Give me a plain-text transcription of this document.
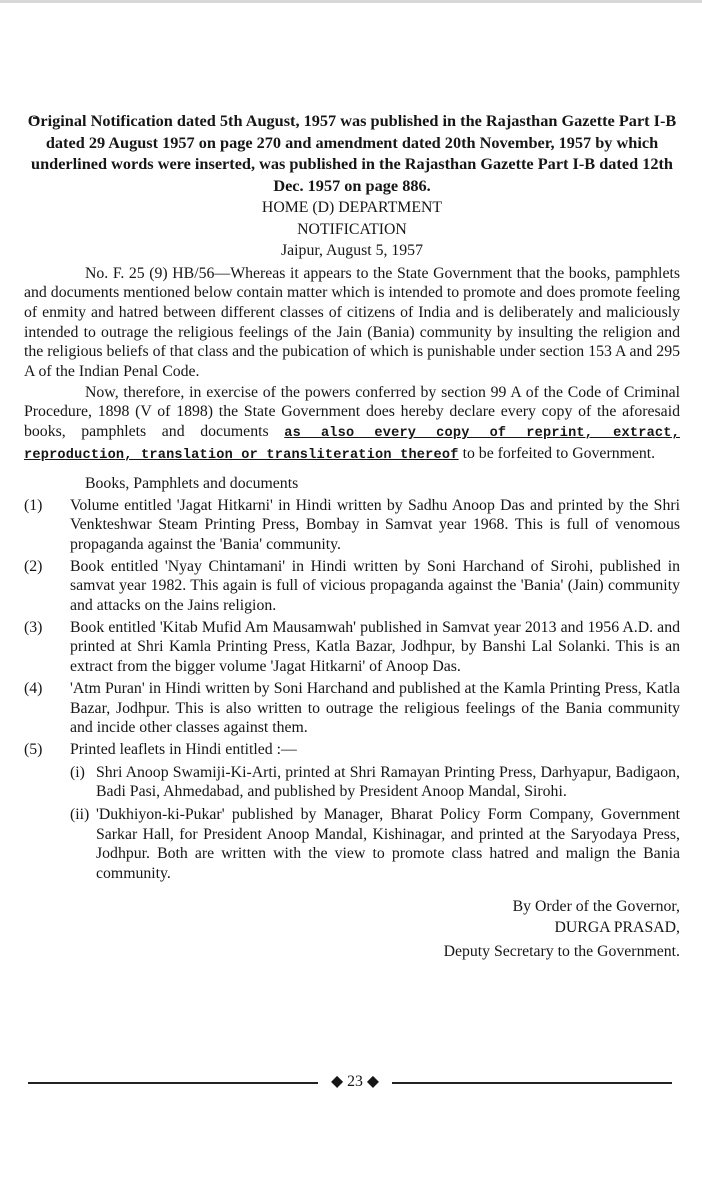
Original Notification dated 5th August, 1957 was published in the Rajasthan Gazette Part I-B dated 29 August 1957 on page 270 and amendment dated 20th November, 1957 by which underlined words were inserted, was published in the Rajasthan Gazette Part I-B dated 12th Dec. 1957 on page 886.

HOME (D) DEPARTMENT
NOTIFICATION
Jaipur, August 5, 1957

No. F. 25 (9) HB/56—Whereas it appears to the State Government that the books, pamphlets and documents mentioned below contain matter which is intended to promote and does promote feeling of enmity and hatred between different classes of citizens of India and is deliberately and maliciously intended to outrage the religious feelings of the Jain (Bania) community by insulting the religion and the religious beliefs of that class and the pubication of which is punishable under section 153 A and 295 A of the Indian Penal Code.

Now, therefore, in exercise of the powers conferred by section 99 A of the Code of Criminal Procedure, 1898 (V of 1898) the State Government does hereby declare every copy of the aforesaid books, pamphlets and documents as also every copy of reprint, extract, reproduction, translation or transliteration thereof to be forfeited to Government.

Books, Pamphlets and documents
(1) Volume entitled 'Jagat Hitkarni' in Hindi written by Sadhu Anoop Das and printed by the Shri Venkteshwar Steam Printing Press, Bombay in Samvat year 1968. This is full of venomous propaganda against the 'Bania' community.
(2) Book entitled 'Nyay Chintamani' in Hindi written by Soni Harchand of Sirohi, published in samvat year 1982. This again is full of vicious propaganda against the 'Bania' (Jain) community and attacks on the Jains religion.
(3) Book entitled 'Kitab Mufid Am Mausamwah' published in Samvat year 2013 and 1956 A.D. and printed at Shri Kamla Printing Press, Katla Bazar, Jodhpur, by Banshi Lal Solanki. This is an extract from the bigger volume 'Jagat Hitkarni' of Anoop Das.
(4) 'Atm Puran' in Hindi written by Soni Harchand and published at the Kamla Printing Press, Katla Bazar, Jodhpur. This is also written to outrage the religious feelings of the Bania community and incide other classes against them.
(5) Printed leaflets in Hindi entitled :—
(i) Shri Anoop Swamiji-Ki-Arti, printed at Shri Ramayan Printing Press, Darhyapur, Badigaon, Badi Pasi, Ahmedabad, and published by President Anoop Mandal, Sirohi.
(ii) 'Dukhiyon-ki-Pukar' published by Manager, Bharat Policy Form Company, Government Sarkar Hall, for President Anoop Mandal, Kishinagar, and printed at the Saryodaya Press, Jodhpur. Both are written with the view to promote class hatred and malign the Bania community.
By Order of the Governor,
DURGA PRASAD,
Deputy Secretary to the Government.
◆ 23 ◆
